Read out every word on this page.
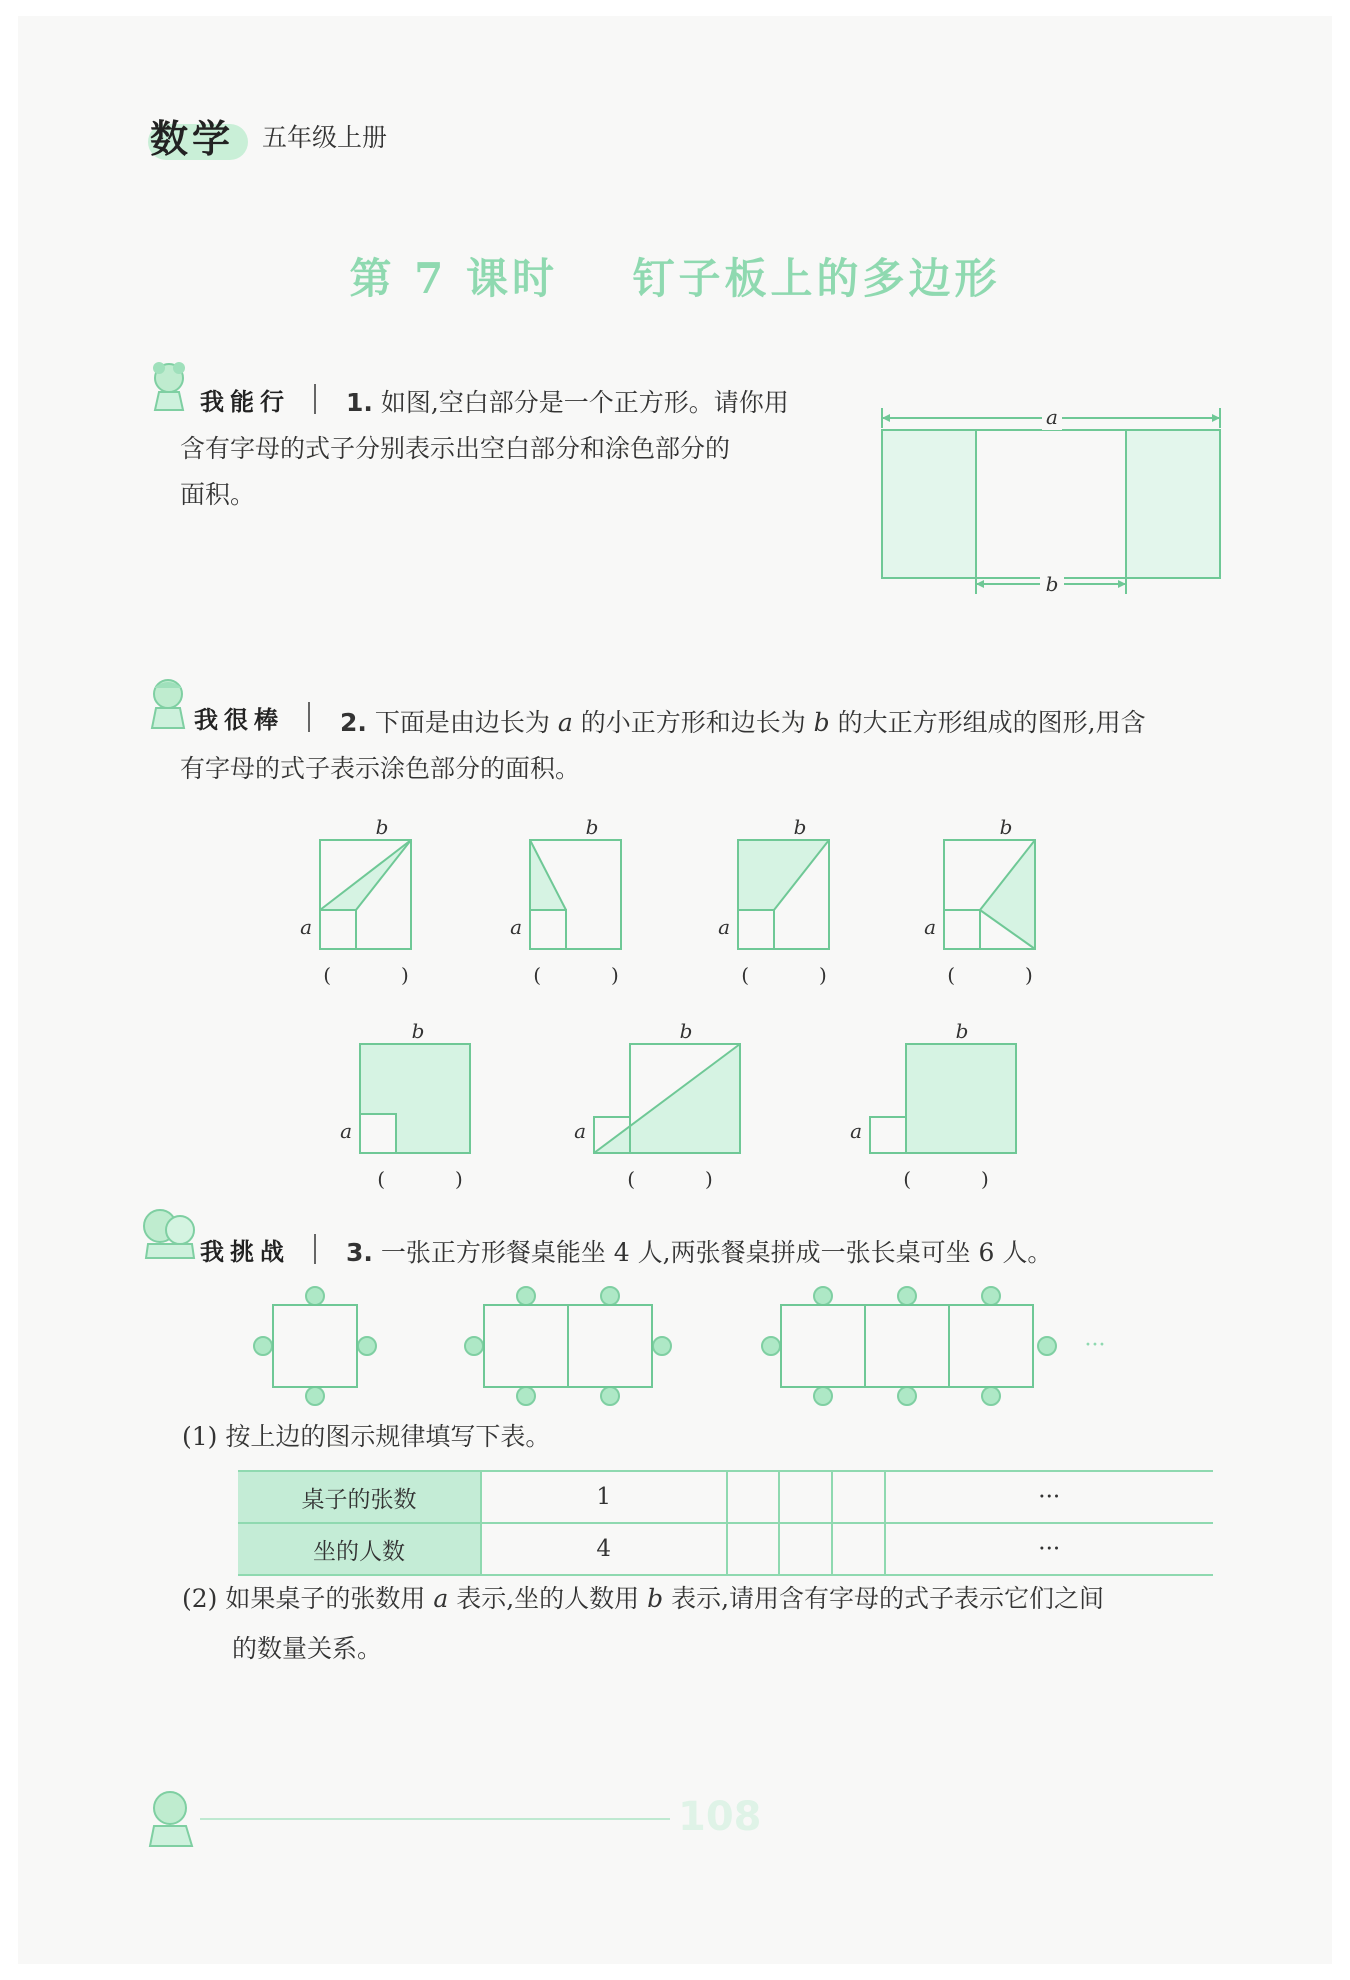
数学 五年级上册
第 7 课时    钉子板上的多边形
我能行 1. 如图,空白部分是一个正方形。请你用
含有字母的式子分别表示出空白部分和涂色部分的
面积。
a
b
我很棒 2. 下面是由边长为 a 的小正方形和边长为 b 的大正方形组成的图形,用含
有字母的式子表示涂色部分的面积。
b
a
(           )
b
a
(           )
b
a
(           )
b
a
(           )
b
a
(           )
b
a
(           )
b
a
(           )
我挑战 3. 一张正方形餐桌能坐 4 人,两张餐桌拼成一张长桌可坐 6 人。
···
(1) 按上边的图示规律填写下表。
桌子的张数	1				···
坐的人数	4				···
(2) 如果桌子的张数用 a 表示,坐的人数用 b 表示,请用含有字母的式子表示它们之间
的数量关系。
108
